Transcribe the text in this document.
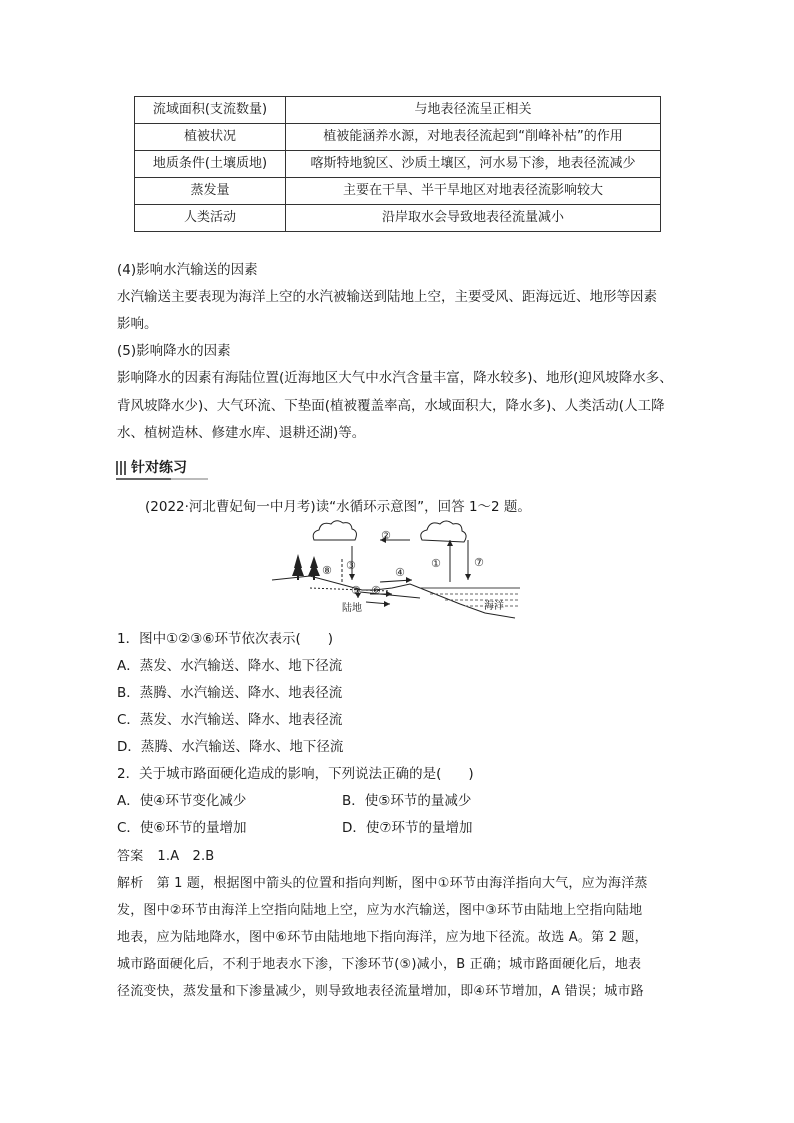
流域面积(支流数量)	与地表径流呈正相关
植被状况	植被能涵养水源，对地表径流起到“削峰补枯”的作用
地质条件(土壤质地)	喀斯特地貌区、沙质土壤区，河水易下渗，地表径流减少
蒸发量	主要在干旱、半干旱地区对地表径流影响较大
人类活动	沿岸取水会导致地表径流量减小
(4)影响水汽输送的因素
水汽输送主要表现为海洋上空的水汽被输送到陆地上空，主要受风、距海远近、地形等因素
影响。
(5)影响降水的因素
影响降水的因素有海陆位置(近海地区大气中水汽含量丰富，降水较多)、地形(迎风坡降水多、
背风坡降水少)、大气环流、下垫面(植被覆盖率高，水域面积大，降水多)、人类活动(人工降
水、植树造林、修建水库、退耕还湖)等。
针对练习
(2022·河北曹妃甸一中月考)读“水循环示意图”，回答 1～2 题。
②
③
④
⑤ ⑥
①	⑦
⑧
陆地	海洋
1．图中①②③⑥环节依次表示(　　)
A．蒸发、水汽输送、降水、地下径流
B．蒸腾、水汽输送、降水、地表径流
C．蒸发、水汽输送、降水、地表径流
D．蒸腾、水汽输送、降水、地下径流
2．关于城市路面硬化造成的影响，下列说法正确的是(　　)
A．使④环节变化减少	B．使⑤环节的量减少
C．使⑥环节的量增加	D．使⑦环节的量增加
答案 1.A　2.B
解析　第 1 题，根据图中箭头的位置和指向判断，图中①环节由海洋指向大气，应为海洋蒸
发，图中②环节由海洋上空指向陆地上空，应为水汽输送，图中③环节由陆地上空指向陆地
地表，应为陆地降水，图中⑥环节由陆地地下指向海洋，应为地下径流。故选 A。第 2 题，
城市路面硬化后，不利于地表水下渗，下渗环节(⑤)减小，B 正确；城市路面硬化后，地表
径流变快，蒸发量和下渗量减少，则导致地表径流量增加，即④环节增加，A 错误；城市路
